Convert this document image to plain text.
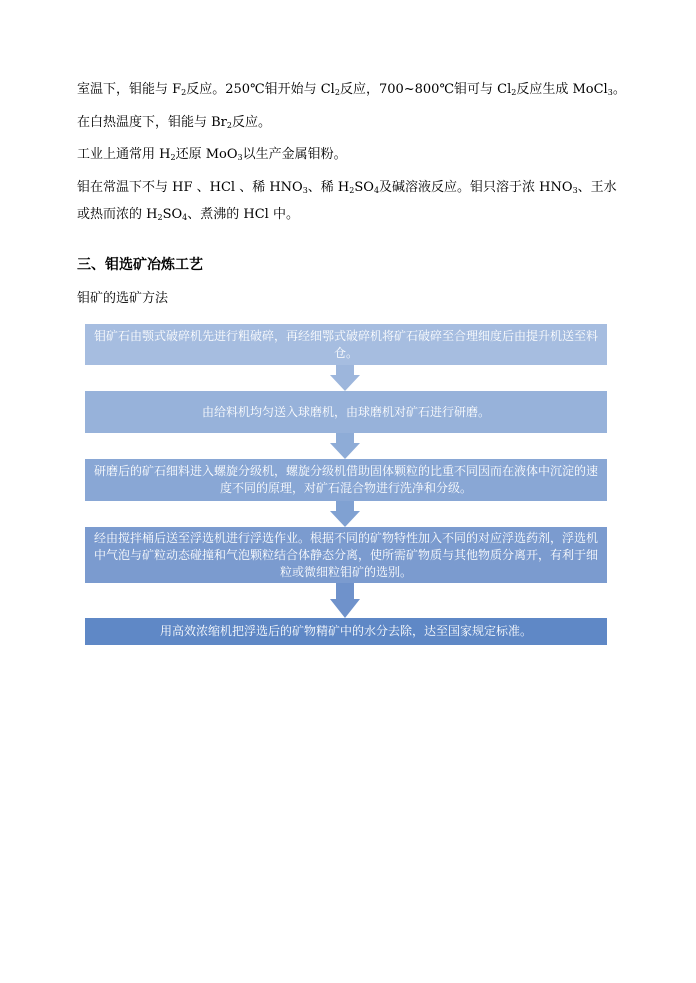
室温下，钼能与 $F_2$反应。250℃钼开始与 $Cl_2$反应，700~800℃钼可与 $Cl_2$反应生成 MoCl$_3$。

在白热温度下，钼能与 $Br_2$反应。

工业上通常用 $H_2$还原 MoO$_3$以生产金属钼粉。

钼在常温下不与 HF 、HCl 、稀 $HNO_3$、稀 $H_2SO_4$及碱溶液反应。钼只溶于浓 $HNO_3$、王水

或热而浓的 $H_2SO_4$、煮沸的 HCl 中。

三、钼选矿冶炼工艺

钼矿的选矿方法

钼矿石由颚式破碎机先进行粗破碎，再经细鄂式破碎机将矿石破碎至合理细度后由提升机送至料仓。
由给料机均匀送入球磨机，由球磨机对矿石进行研磨。
研磨后的矿石细料进入螺旋分级机，螺旋分级机借助固体颗粒的比重不同因而在液体中沉淀的速度不同的原理，对矿石混合物进行洗净和分级。
经由搅拌桶后送至浮选机进行浮选作业。根据不同的矿物特性加入不同的对应浮选药剂，浮选机中气泡与矿粒动态碰撞和气泡颗粒结合体静态分离，使所需矿物质与其他物质分离开，有利于细粒或微细粒钼矿的选别。
用高效浓缩机把浮选后的矿物精矿中的水分去除，达至国家规定标准。
